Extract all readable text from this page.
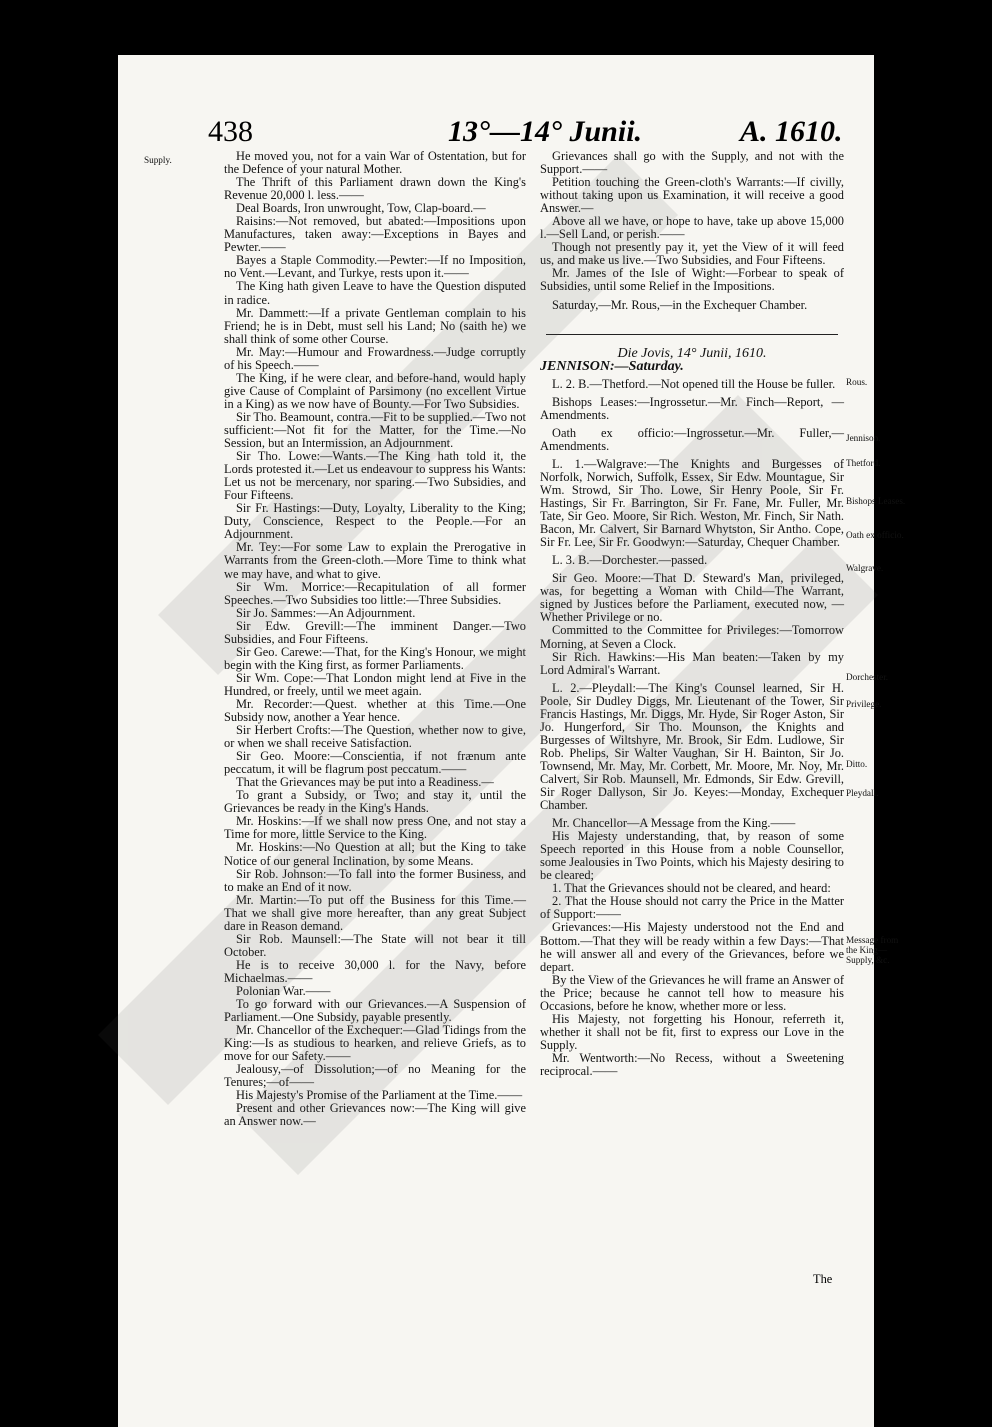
438	13°—14° Junii.	A. 1610.
Supply.	He moved you, not for a vain War of Ostentation, but for the Defence of your natural Mother.

The Thrift of this Parliament drawn down the King's Revenue 20,000 l. less.——

Deal Boards, Iron unwrought, Tow, Clap-board.—

Raisins:—Not removed, but abated:—Impositions upon Manufactures, taken away:—Exceptions in Bayes and Pewter.——

Bayes a Staple Commodity.—Pewter:—If no Imposition, no Vent.—Levant, and Turkye, rests upon it.——

The King hath given Leave to have the Question disputed in radice.

Mr. Dammett:—If a private Gentleman complain to his Friend; he is in Debt, must sell his Land; No (saith he) we shall think of some other Course.

Mr. May:—Humour and Frowardness.—Judge corruptly of his Speech.——

The King, if he were clear, and before-hand, would haply give Cause of Complaint of Parsimony (no excellent Virtue in a King) as we now have of Bounty.—For Two Subsidies.

Sir Tho. Beamount, contra.—Fit to be supplied.—Two not sufficient:—Not fit for the Matter, for the Time.—No Session, but an Intermission, an Adjournment.

Sir Tho. Lowe:—Wants.—The King hath told it, the Lords protested it.—Let us endeavour to suppress his Wants: Let us not be mercenary, nor sparing.—Two Subsidies, and Four Fifteens.

Sir Fr. Hastings:—Duty, Loyalty, Liberality to the King; Duty, Conscience, Respect to the People.—For an Adjournment.

Mr. Tey:—For some Law to explain the Prerogative in Warrants from the Green-cloth.—More Time to think what we may have, and what to give.

Sir Wm. Morrice:—Recapitulation of all former Speeches.—Two Subsidies too little:—Three Subsidies.

Sir Jo. Sammes:—An Adjournment.

Sir Edw. Grevill:—The imminent Danger.—Two Subsidies, and Four Fifteens.

Sir Geo. Carewe:—That, for the King's Honour, we might begin with the King first, as former Parliaments.

Sir Wm. Cope:—That London might lend at Five in the Hundred, or freely, until we meet again.

Mr. Recorder:—Quest. whether at this Time.—One Subsidy now, another a Year hence.

Sir Herbert Crofts:—The Question, whether now to give, or when we shall receive Satisfaction.

Sir Geo. Moore:—Conscientia, if not frænum ante peccatum, it will be flagrum post peccatum.——

That the Grievances may be put into a Readiness.—

To grant a Subsidy, or Two; and stay it, until the Grievances be ready in the King's Hands.

Mr. Hoskins:—If we shall now press One, and not stay a Time for more, little Service to the King.

Mr. Hoskins:—No Question at all; but the King to take Notice of our general Inclination, by some Means.

Sir Rob. Johnson:—To fall into the former Business, and to make an End of it now.

Mr. Martin:—To put off the Business for this Time.—That we shall give more hereafter, than any great Subject dare in Reason demand.

Sir Rob. Maunsell:—The State will not bear it till October.

He is to receive 30,000 l. for the Navy, before Michaelmas.——

Polonian War.——

To go forward with our Grievances.—A Suspension of Parliament.—One Subsidy, payable presently.

Mr. Chancellor of the Exchequer:—Glad Tidings from the King:—Is as studious to hearken, and relieve Griefs, as to move for our Safety.——

Jealousy,—of Dissolution;—of no Meaning for the Tenures;—of——

His Majesty's Promise of the Parliament at the Time.——

Present and other Grievances now:—The King will give an Answer now.—

Grievances shall go with the Supply, and not with the Support.——

Petition touching the Green-cloth's Warrants:—If civilly, without taking upon us Examination, it will receive a good Answer.—

Above all we have, or hope to have, take up above 15,000 l.—Sell Land, or perish.——

Though not presently pay it, yet the View of it will feed us, and make us live.—Two Subsidies, and Four Fifteens.

Mr. James of the Isle of Wight:—Forbear to speak of Subsidies, until some Relief in the Impositions.

Saturday,—Mr. Rous,—in the Exchequer Chamber.

Die Jovis, 14° Junii, 1610.

JENNISON:—Saturday.

L. 2. B.—Thetford.—Not opened till the House be fuller.

Bishops Leases:—Ingrossetur.—Mr. Finch—Report, —Amendments.

Oath ex officio:—Ingrossetur.—Mr. Fuller,—Amendments.

L. 1.—Walgrave:—The Knights and Burgesses of Norfolk, Norwich, Suffolk, Essex, Sir Edw. Mountague, Sir Wm. Strowd, Sir Tho. Lowe, Sir Henry Poole, Sir Fr. Hastings, Sir Fr. Barrington, Sir Fr. Fane, Mr. Fuller, Mr. Tate, Sir Geo. Moore, Sir Rich. Weston, Mr. Finch, Sir Nath. Bacon, Mr. Calvert, Sir Barnard Whytston, Sir Antho. Cope, Sir Fr. Lee, Sir Fr. Goodwyn:—Saturday, Chequer Chamber.

L. 3. B.—Dorchester.—passed.

Sir Geo. Moore:—That D. Steward's Man, privileged, was, for begetting a Woman with Child—The Warrant, signed by Justices before the Parliament, executed now, —Whether Privilege or no.

Committed to the Committee for Privileges:—Tomorrow Morning, at Seven a Clock.

Sir Rich. Hawkins:—His Man beaten:—Taken by my Lord Admiral's Warrant.

L. 2.—Pleydall:—The King's Counsel learned, Sir H. Poole, Sir Dudley Diggs, Mr. Lieutenant of the Tower, Sir Francis Hastings, Mr. Diggs, Mr. Hyde, Sir Roger Aston, Sir Jo. Hungerford, Sir Tho. Mounson, the Knights and Burgesses of Wiltshyre, Mr. Brook, Sir Edm. Ludlowe, Sir Rob. Phelips, Sir Walter Vaughan, Sir H. Bainton, Sir Jo. Townsend, Mr. May, Mr. Corbett, Mr. Moore, Mr. Noy, Mr. Calvert, Sir Rob. Maunsell, Mr. Edmonds, Sir Edw. Grevill, Sir Roger Dallyson, Sir Jo. Keyes:—Monday, Exchequer Chamber.

Mr. Chancellor—A Message from the King.——

His Majesty understanding, that, by reason of some Speech reported in this House from a noble Counsellor, some Jealousies in Two Points, which his Majesty desiring to be cleared;

1. That the Grievances should not be cleared, and heard:

2. That the House should not carry the Price in the Matter of Support:——

Grievances:—His Majesty understood not the End and Bottom.—That they will be ready within a few Days:—That he will answer all and every of the Grievances, before we depart.

By the View of the Grievances he will frame an Answer of the Price; because he cannot tell how to measure his Occasions, before he know, whether more or less.

His Majesty, not forgetting his Honour, referreth it, whether it shall not be fit, first to express our Love in the Supply.

Mr. Wentworth:—No Recess, without a Sweetening reciprocal.——

Rous.
Jennison.
Thetford.
Bishops Leases.
Oath ex officio.
Walgrave.
Dorchester.
Privilege.
Ditto.
Pleydall.
Message from the King—Supply, &c.
The
